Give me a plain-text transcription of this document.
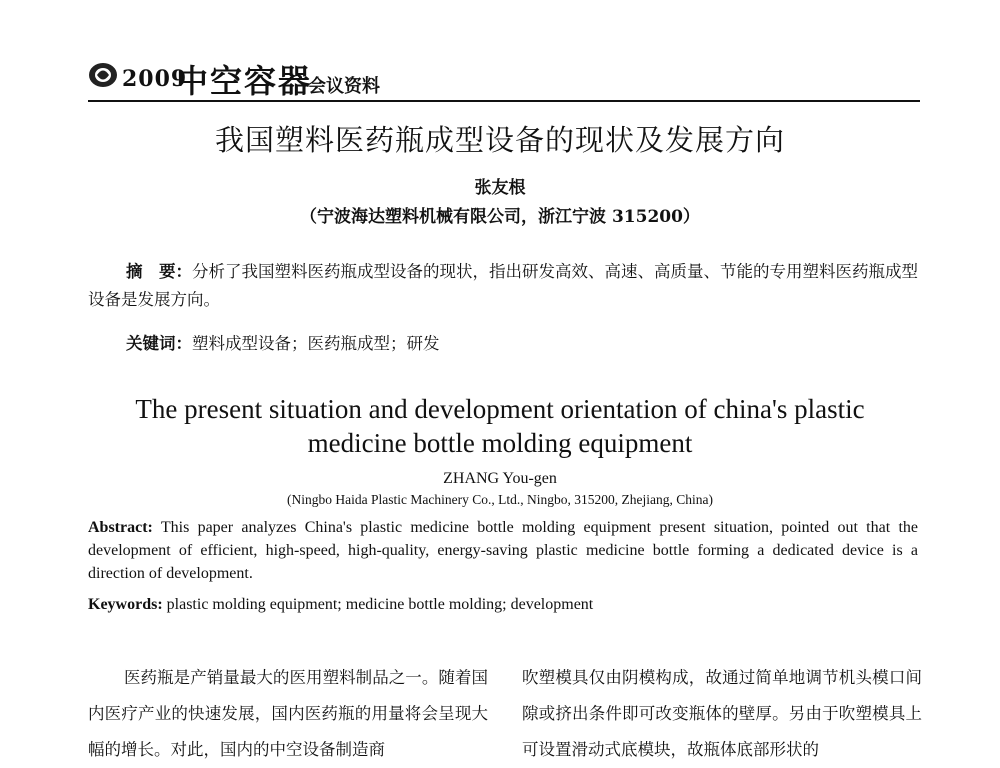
2009
中空容器
会议资料
我国塑料医药瓶成型设备的现状及发展方向
张友根
（宁波海达塑料机械有限公司，浙江宁波 315200）
摘　要：分析了我国塑料医药瓶成型设备的现状，指出研发高效、高速、高质量、节能的专用塑料医药瓶成型设备是发展方向。
关键词：塑料成型设备；医药瓶成型；研发
The present situation and development orientation of china's plastic
medicine bottle molding equipment
ZHANG You-gen
(Ningbo Haida Plastic Machinery Co., Ltd., Ningbo, 315200, Zhejiang, China)
Abstract: This paper analyzes China's plastic medicine bottle molding equipment present situation, pointed out that the development of efficient, high-speed, high-quality, energy-saving plastic medicine bottle forming a dedicated device is a direction of development.
Keywords: plastic molding equipment; medicine bottle molding; development
医药瓶是产销量最大的医用塑料制品之一。随着国内医疗产业的快速发展，国内医药瓶的用量将会呈现大幅的增长。对此，国内的中空设备制造商
吹塑模具仅由阴模构成，故通过简单地调节机头模口间隙或挤出条件即可改变瓶体的壁厚。另由于吹塑模具上可设置滑动式底模块，故瓶体底部形状的
